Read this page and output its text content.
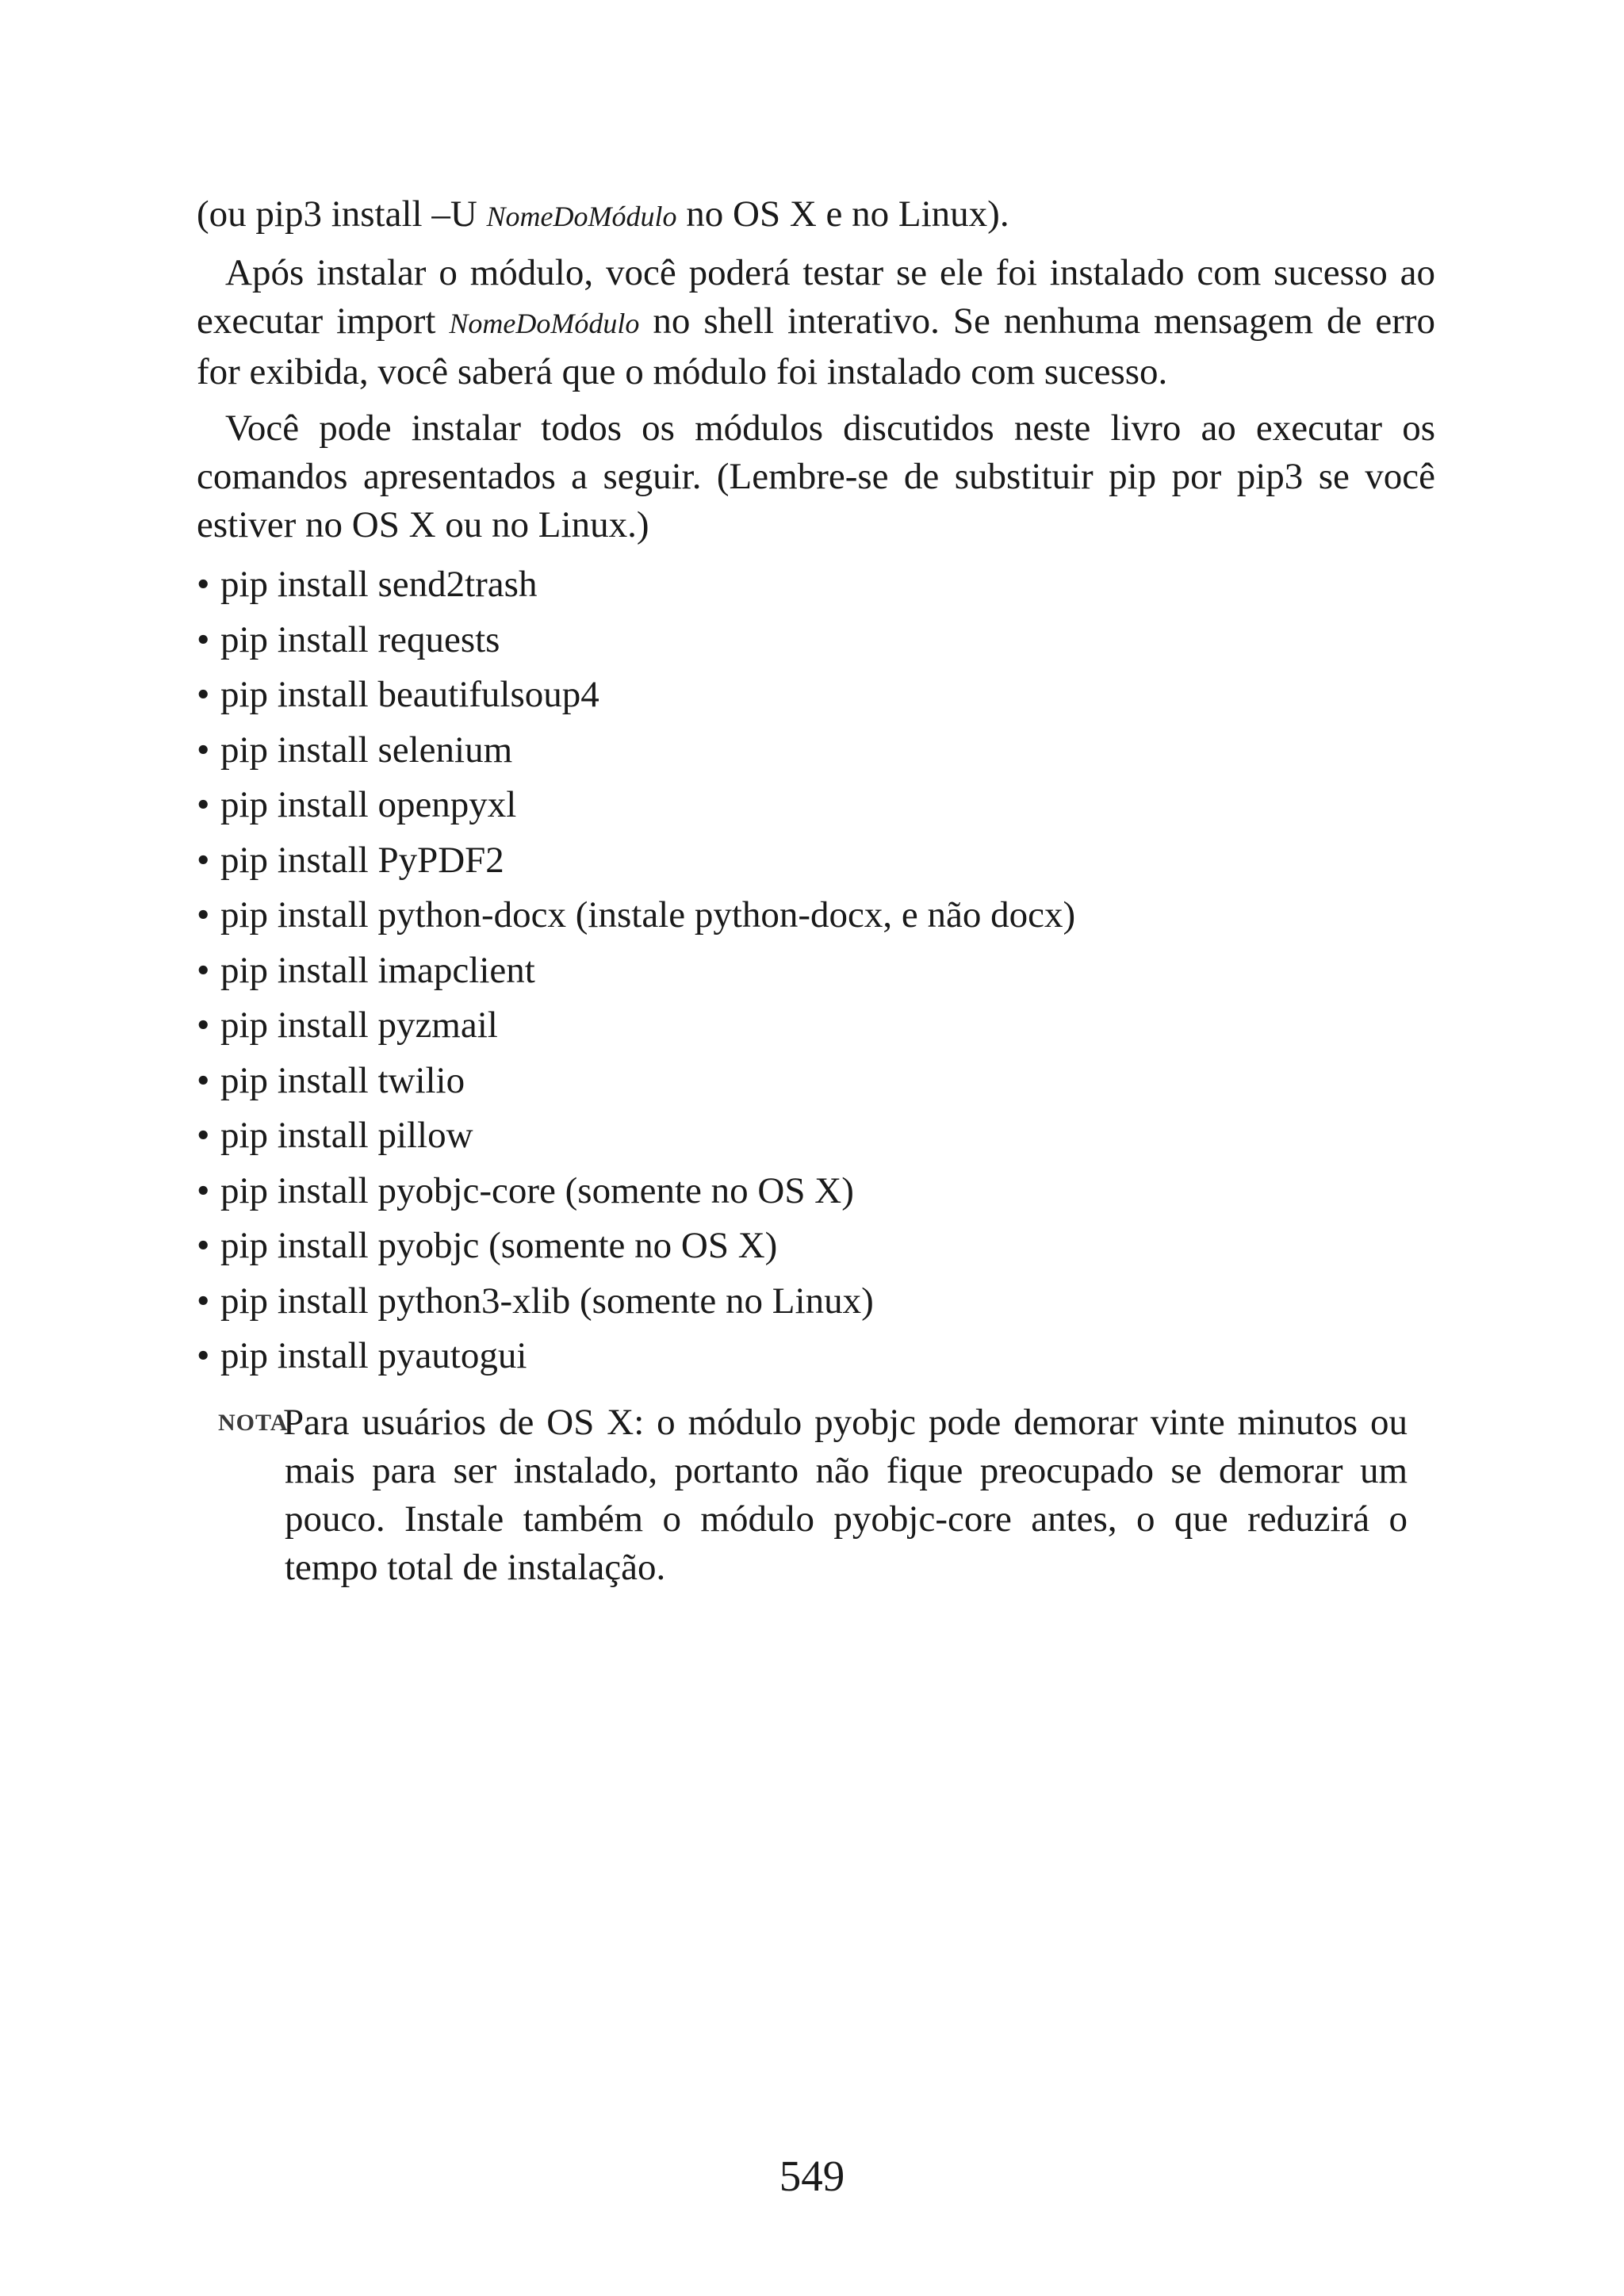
(ou pip3 install –U NomeDoMódulo no OS X e no Linux).

Após instalar o módulo, você poderá testar se ele foi instalado com sucesso ao executar import NomeDoMódulo no shell interativo. Se nenhuma mensagem de erro for exibida, você saberá que o módulo foi instalado com sucesso.

Você pode instalar todos os módulos discutidos neste livro ao executar os comandos apresentados a seguir. (Lembre-se de substituir pip por pip3 se você estiver no OS X ou no Linux.)

• pip install send2trash
• pip install requests
• pip install beautifulsoup4
• pip install selenium
• pip install openpyxl
• pip install PyPDF2
• pip install python-docx (instale python-docx, e não docx)
• pip install imapclient
• pip install pyzmail
• pip install twilio
• pip install pillow
• pip install pyobjc-core (somente no OS X)
• pip install pyobjc (somente no OS X)
• pip install python3-xlib (somente no Linux)
• pip install pyautogui
NOTA

Para usuários de OS X: o módulo pyobjc pode demorar vinte minutos ou mais para ser instalado, portanto não fique preocupado se demorar um pouco. Instale também o módulo pyobjc-core antes, o que reduzirá o tempo total de instalação.

549
